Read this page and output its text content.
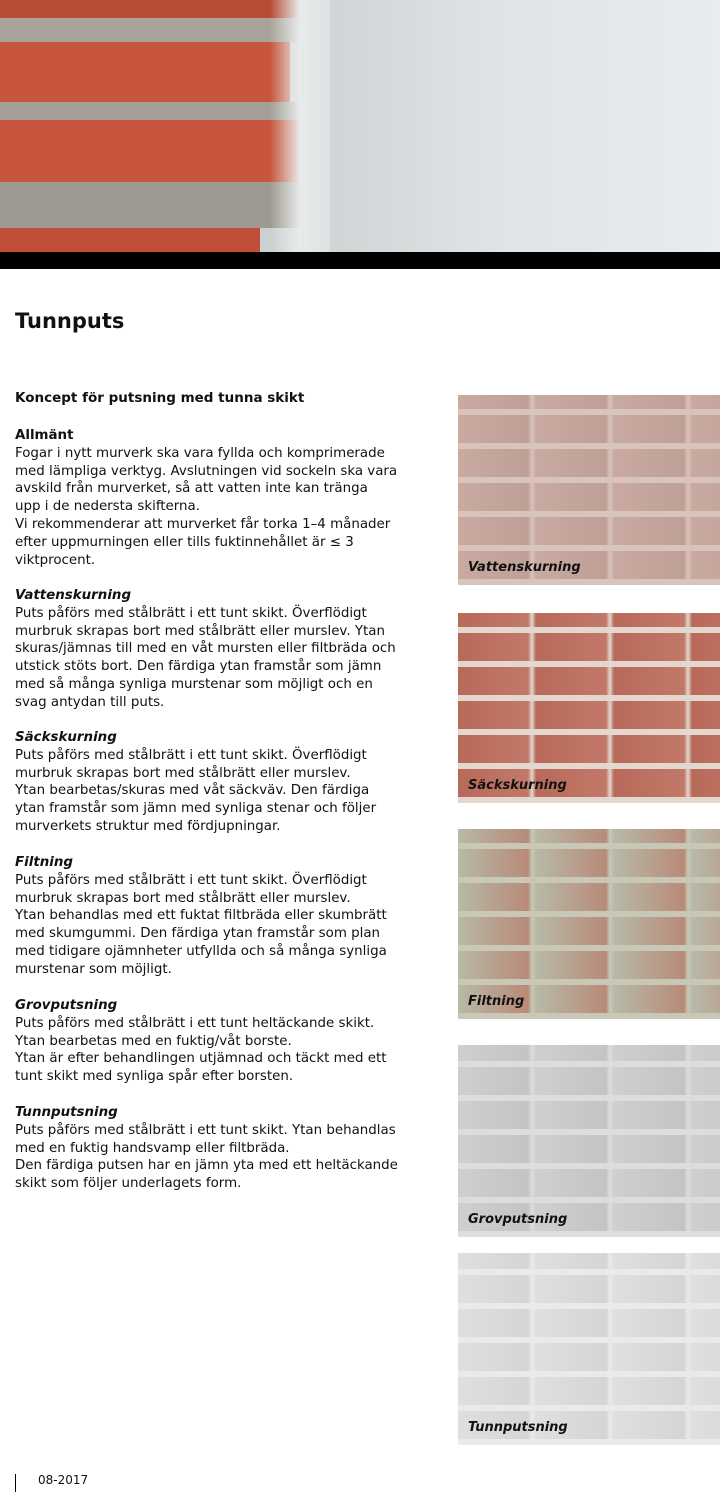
Tunnputs

Koncept för putsning med tunna skikt

Allmänt
Fogar i nytt murverk ska vara fyllda och komprimerade
med lämpliga verktyg. Avslutningen vid sockeln ska vara
avskild från murverket, så att vatten inte kan tränga
upp i de nedersta skifterna.
Vi rekommenderar att murverket får torka 1–4 månader
efter uppmurningen eller tills fuktinnehållet är ≤ 3
viktprocent.
Vattenskurning
Puts påförs med stålbrätt i ett tunt skikt. Överflödigt
murbruk skrapas bort med stålbrätt eller murslev. Ytan
skuras/jämnas till med en våt mursten eller filtbräda och
utstick stöts bort. Den färdiga ytan framstår som jämn
med så många synliga murstenar som möjligt och en
svag antydan till puts.
Säckskurning
Puts påförs med stålbrätt i ett tunt skikt. Överflödigt
murbruk skrapas bort med stålbrätt eller murslev.
Ytan bearbetas/skuras med våt säckväv. Den färdiga
ytan framstår som jämn med synliga stenar och följer
murverkets struktur med fördjupningar.
Filtning
Puts påförs med stålbrätt i ett tunt skikt. Överflödigt
murbruk skrapas bort med stålbrätt eller murslev.
Ytan behandlas med ett fuktat filtbräda eller skumbrätt
med skumgummi. Den färdiga ytan framstår som plan
med tidigare ojämnheter utfyllda och så många synliga
murstenar som möjligt.
Grovputsning
Puts påförs med stålbrätt i ett tunt heltäckande skikt.
Ytan bearbetas med en fuktig/våt borste.
Ytan är efter behandlingen utjämnad och täckt med ett
tunt skikt med synliga spår efter borsten.
Tunnputsning
Puts påförs med stålbrätt i ett tunt skikt. Ytan behandlas
med en fuktig handsvamp eller filtbräda.
Den färdiga putsen har en jämn yta med ett heltäckande
skikt som följer underlagets form.
Vattenskurning
Säckskurning
Filtning
Grovputsning
Tunnputsning
08-2017
